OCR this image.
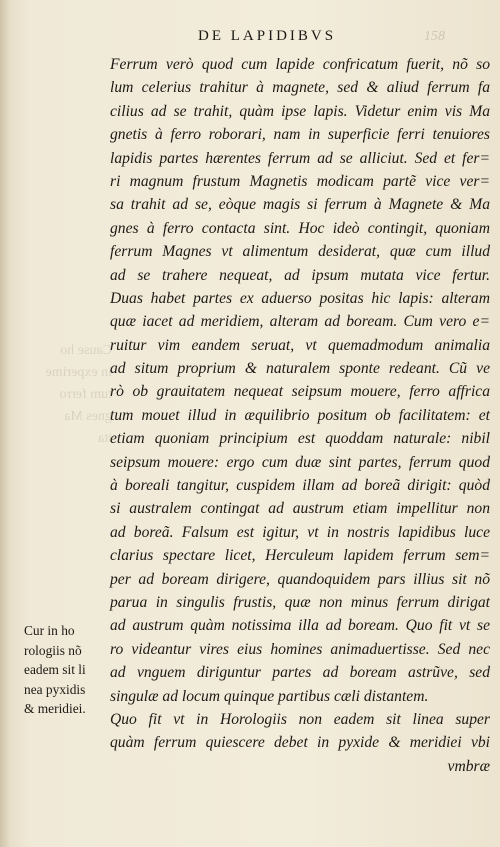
DE LAPIDIBVS	158
Cause ho
in experime
tum ferro
gnes Ma
ita
Ferrum verò quod cum lapide confricatum fuerit, nõ so
lum celerius trahitur à magnete, sed & aliud ferrum fa
cilius ad se trahit, quàm ipse lapis. Videtur enim vis Ma
gnetis à ferro roborari, nam in superficie ferri tenuiores
lapidis partes hærentes ferrum ad se alliciut. Sed et fer=
ri magnum frustum Magnetis modicam partẽ vice ver=
sa trahit ad se, eòque magis si ferrum à Magnete & Ma
gnes à ferro contacta sint. Hoc ideò contingit, quoniam
ferrum Magnes vt alimentum desiderat, quæ cum illud
ad se trahere nequeat, ad ipsum mutata vice fertur.
Duas habet partes ex aduerso positas hic lapis: alteram
quæ iacet ad meridiem, alteram ad boream. Cum vero e=
ruitur vim eandem seruat, vt quemadmodum animalia
ad situm proprium & naturalem sponte redeant. Cũ ve
rò ob grauitatem nequeat seipsum mouere, ferro affrica
tum mouet illud in æquilibrio positum ob facilitatem: et
etiam quoniam principium est quoddam naturale: nibil
seipsum mouere: ergo cum duæ sint partes, ferrum quod
à boreali tangitur, cuspidem illam ad boreã dirigit: quòd
si australem contingat ad austrum etiam impellitur non
ad boreã. Falsum est igitur, vt in nostris lapidibus luce
clarius spectare licet, Herculeum lapidem ferrum sem=
per ad boream dirigere, quandoquidem pars illius sit nõ
parua in singulis frustis, quæ non minus ferrum dirigat
ad austrum quàm notissima illa ad boream. Quo fit vt se
ro videantur vires eius homines animaduertisse. Sed nec
ad vnguem diriguntur partes ad boream astrũve, sed
singulæ ad locum quinque partibus cæli distantem.
Quo fit vt in Horologiis non eadem sit linea super
quàm ferrum quiescere debet in pyxide & meridiei vbi
vmbræ
Cur in ho
rologiis nõ
eadem sit li
nea pyxidis
& meridiei.
